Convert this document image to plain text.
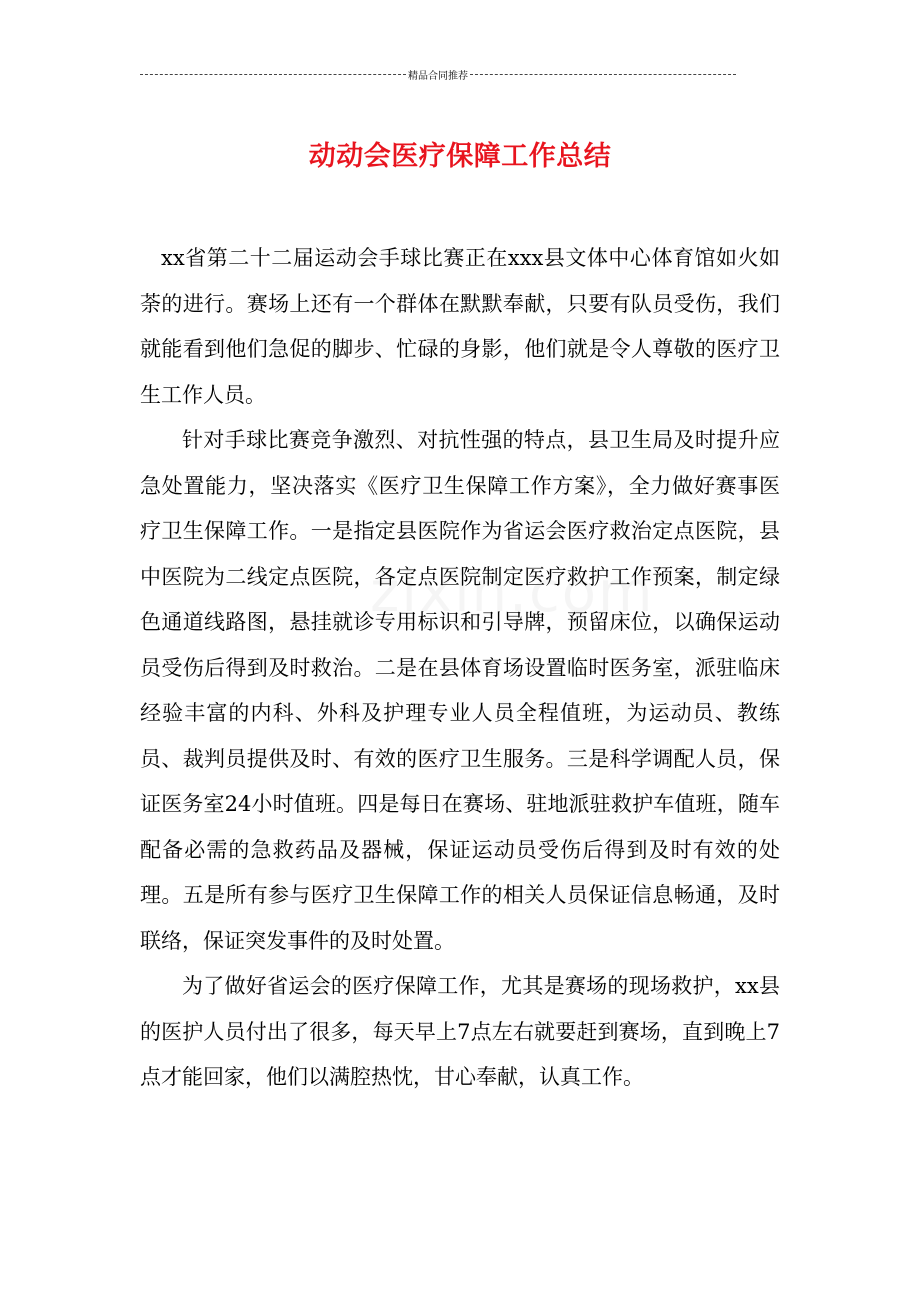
精品合同推荐
动动会医疗保障工作总结

xx省第二十二届运动会手球比赛正在xxx县文体中心体育馆如火如荼的进行。赛场上还有一个群体在默默奉献，只要有队员受伤，我们就能看到他们急促的脚步、忙碌的身影，他们就是令人尊敬的医疗卫生工作人员。

针对手球比赛竞争激烈、对抗性强的特点，县卫生局及时提升应急处置能力，坚决落实《医疗卫生保障工作方案》，全力做好赛事医疗卫生保障工作。一是指定县医院作为省运会医疗救治定点医院，县中医院为二线定点医院，各定点医院制定医疗救护工作预案，制定绿色通道线路图，悬挂就诊专用标识和引导牌，预留床位，以确保运动员受伤后得到及时救治。二是在县体育场设置临时医务室，派驻临床经验丰富的内科、外科及护理专业人员全程值班，为运动员、教练员、裁判员提供及时、有效的医疗卫生服务。三是科学调配人员，保证医务室24小时值班。四是每日在赛场、驻地派驻救护车值班，随车配备必需的急救药品及器械，保证运动员受伤后得到及时有效的处理。五是所有参与医疗卫生保障工作的相关人员保证信息畅通，及时联络，保证突发事件的及时处置。

为了做好省运会的医疗保障工作，尤其是赛场的现场救护，xx县的医护人员付出了很多，每天早上7点左右就要赶到赛场，直到晚上7点才能回家，他们以满腔热忱，甘心奉献，认真工作。
